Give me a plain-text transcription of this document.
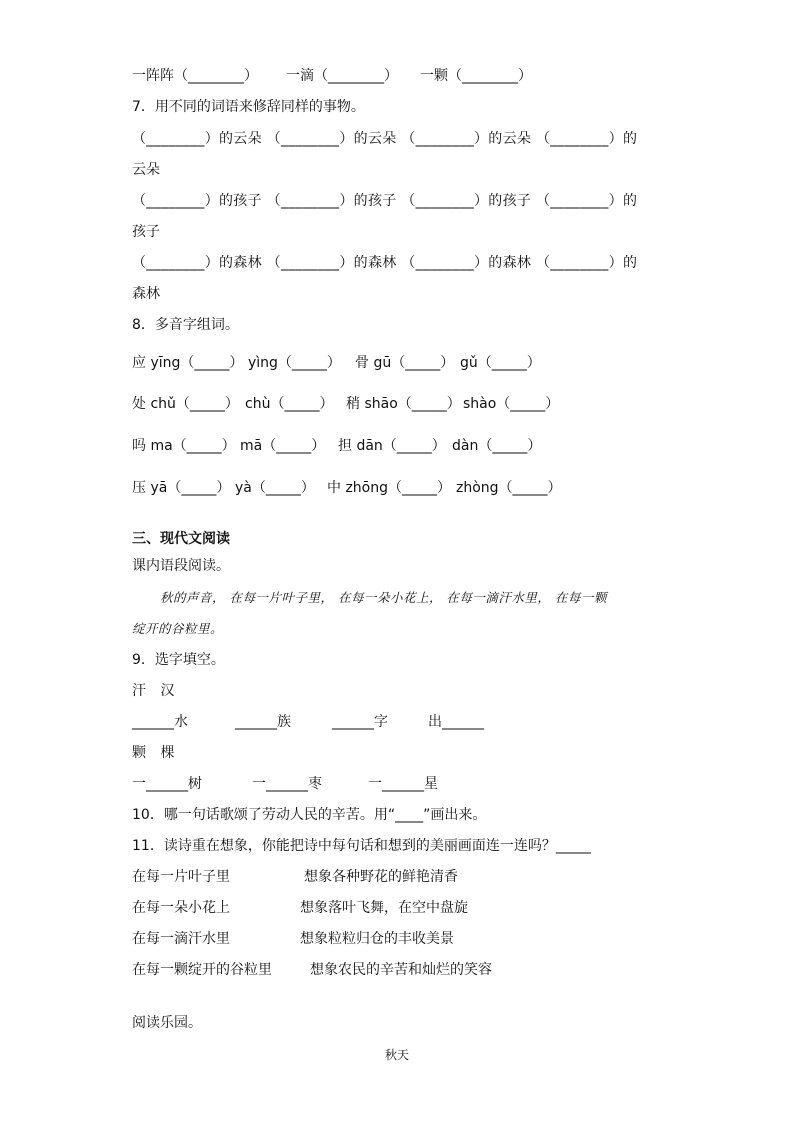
一阵阵（________） 一滴（________） 一颗（________）
7．用不同的词语来修辞同样的事物。
（________）的云朵 （________）的云朵 （________）的云朵 （________）的
云朵
（________）的孩子 （________）的孩子 （________）的孩子 （________）的
孩子
（________）的森林 （________）的森林 （________）的森林 （________）的
森林
8．多音字组词。
应 yīng（_____） yìng（_____） 骨 gū（_____） gǔ（_____）
处 chǔ（_____） chù（_____） 稍 shāo（_____） shào（_____）
吗 ma（_____） mā（_____） 担 dān（_____） dàn（_____）
压 yā（_____） yà（_____） 中 zhōng（_____） zhòng（_____）
三、现代文阅读
课内语段阅读。
秋的声音， 在每一片叶子里， 在每一朵小花上， 在每一滴汗水里， 在每一颗
绽开的谷粒里。
9．选字填空。
汗 汉
______水	______族	______字	出______
颗 棵
一______树	一______枣	一______星
10．哪一句话歌颂了劳动人民的辛苦。用“____”画出来。
11．读诗重在想象，你能把诗中每句话和想到的美丽画面连一连吗？_____
在每一片叶子里	想象各种野花的鲜艳清香
在每一朵小花上	想象落叶飞舞，在空中盘旋
在每一滴汗水里	想象粒粒归仓的丰收美景
在每一颗绽开的谷粒里	想象农民的辛苦和灿烂的笑容
阅读乐园。
秋天
